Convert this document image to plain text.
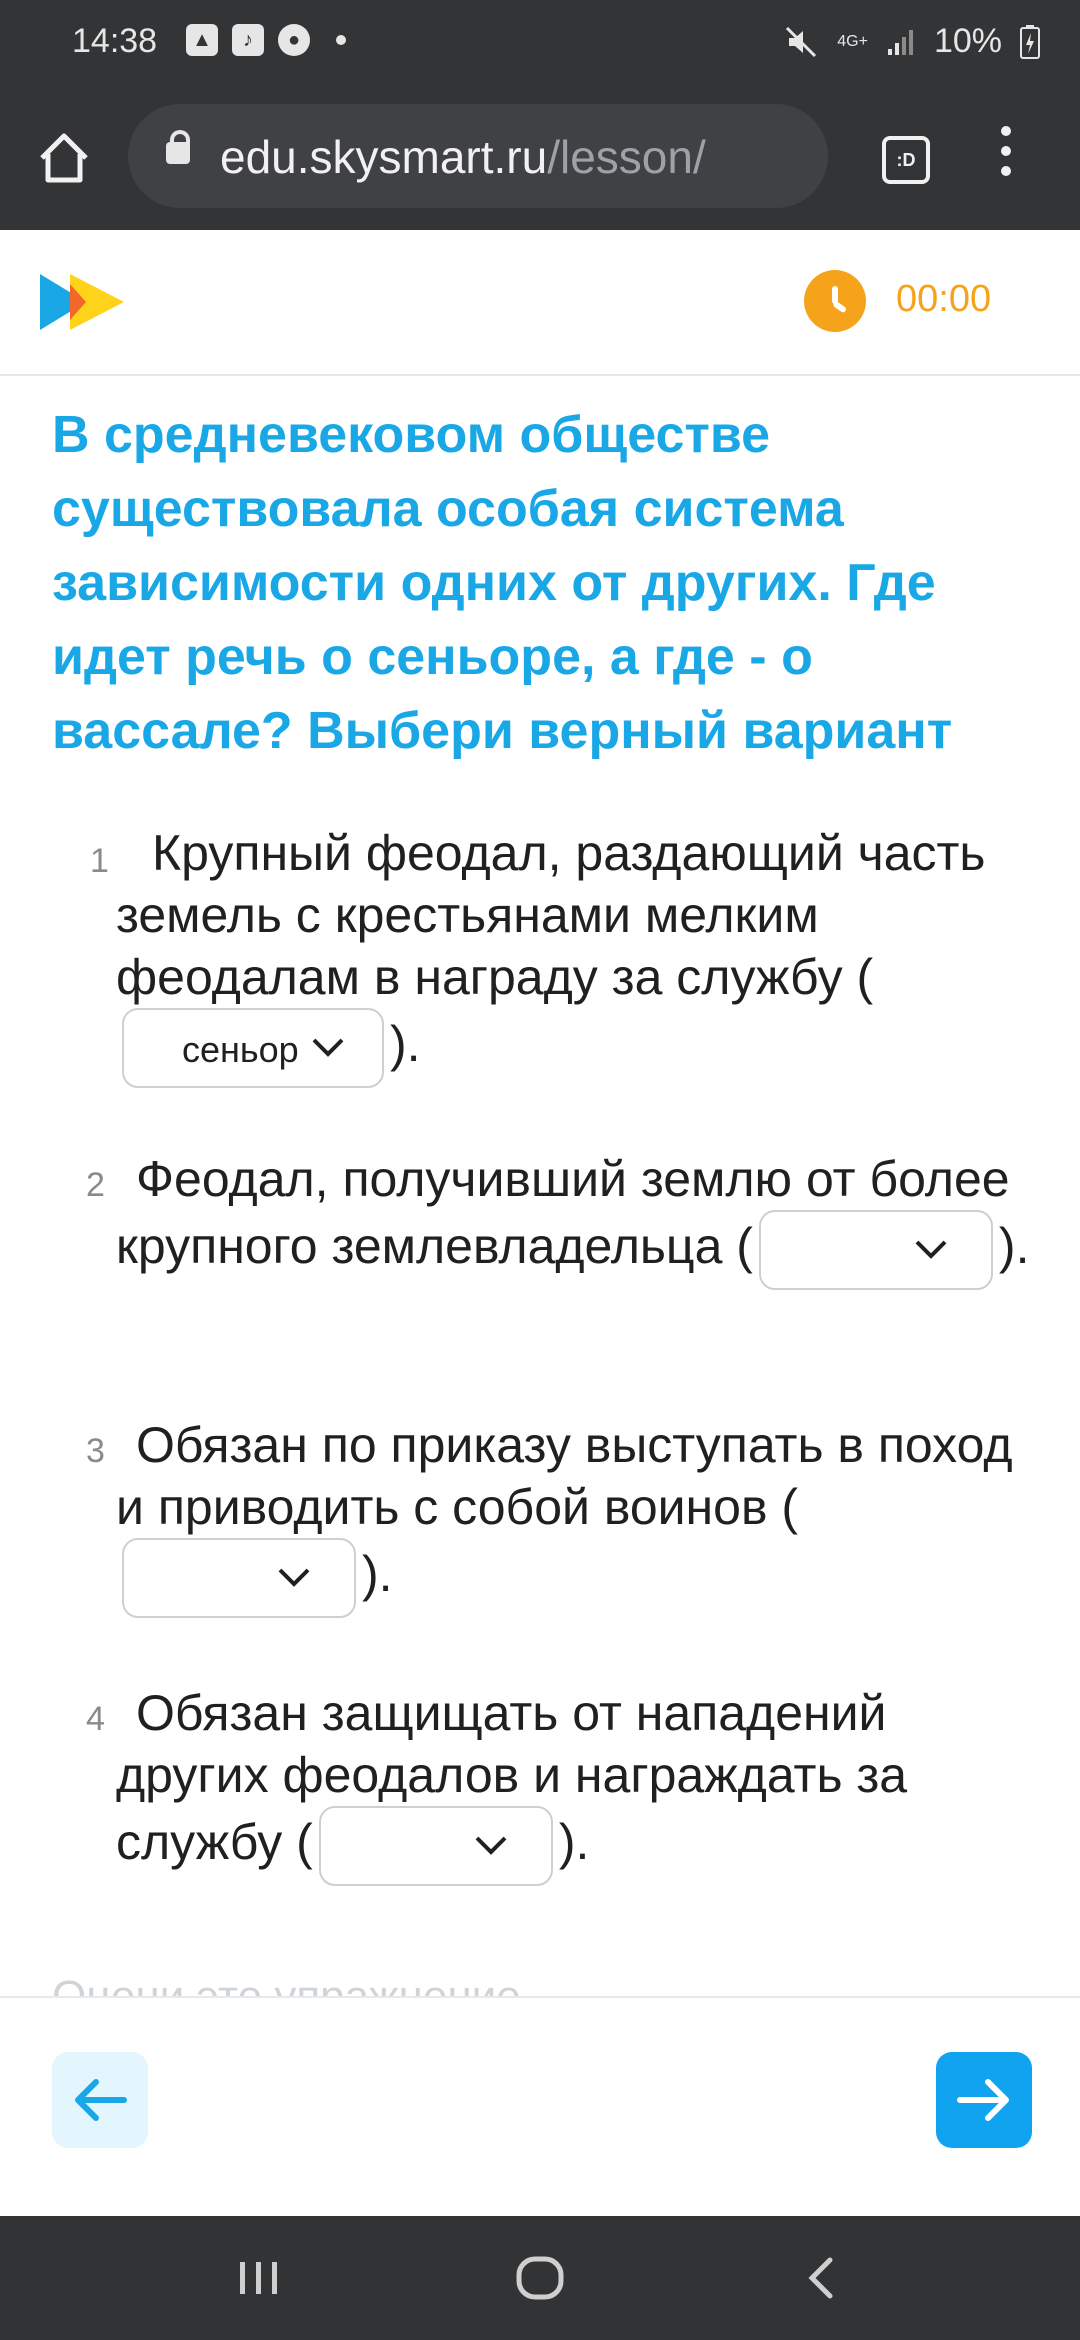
14:38	▲	♪	●	4G+ 10%
edu.skysmart.ru/lesson/	:D
00:00
В средневековом обществе существовала особая система зависимости одних от других. Где идет речь о сеньоре, а где - о вассале? Выбери верный вариант
1 Крупный феодал, раздающий часть земель с крестьянами мелким феодалам в награду за службу (
сеньор ).
2 Феодал, получивший землю от более крупного землевладельца (	).
3 Обязан по приказу выступать в поход и приводить с собой воинов (
).
4 Обязан защищать от нападений других феодалов и награждать за службу (	).
